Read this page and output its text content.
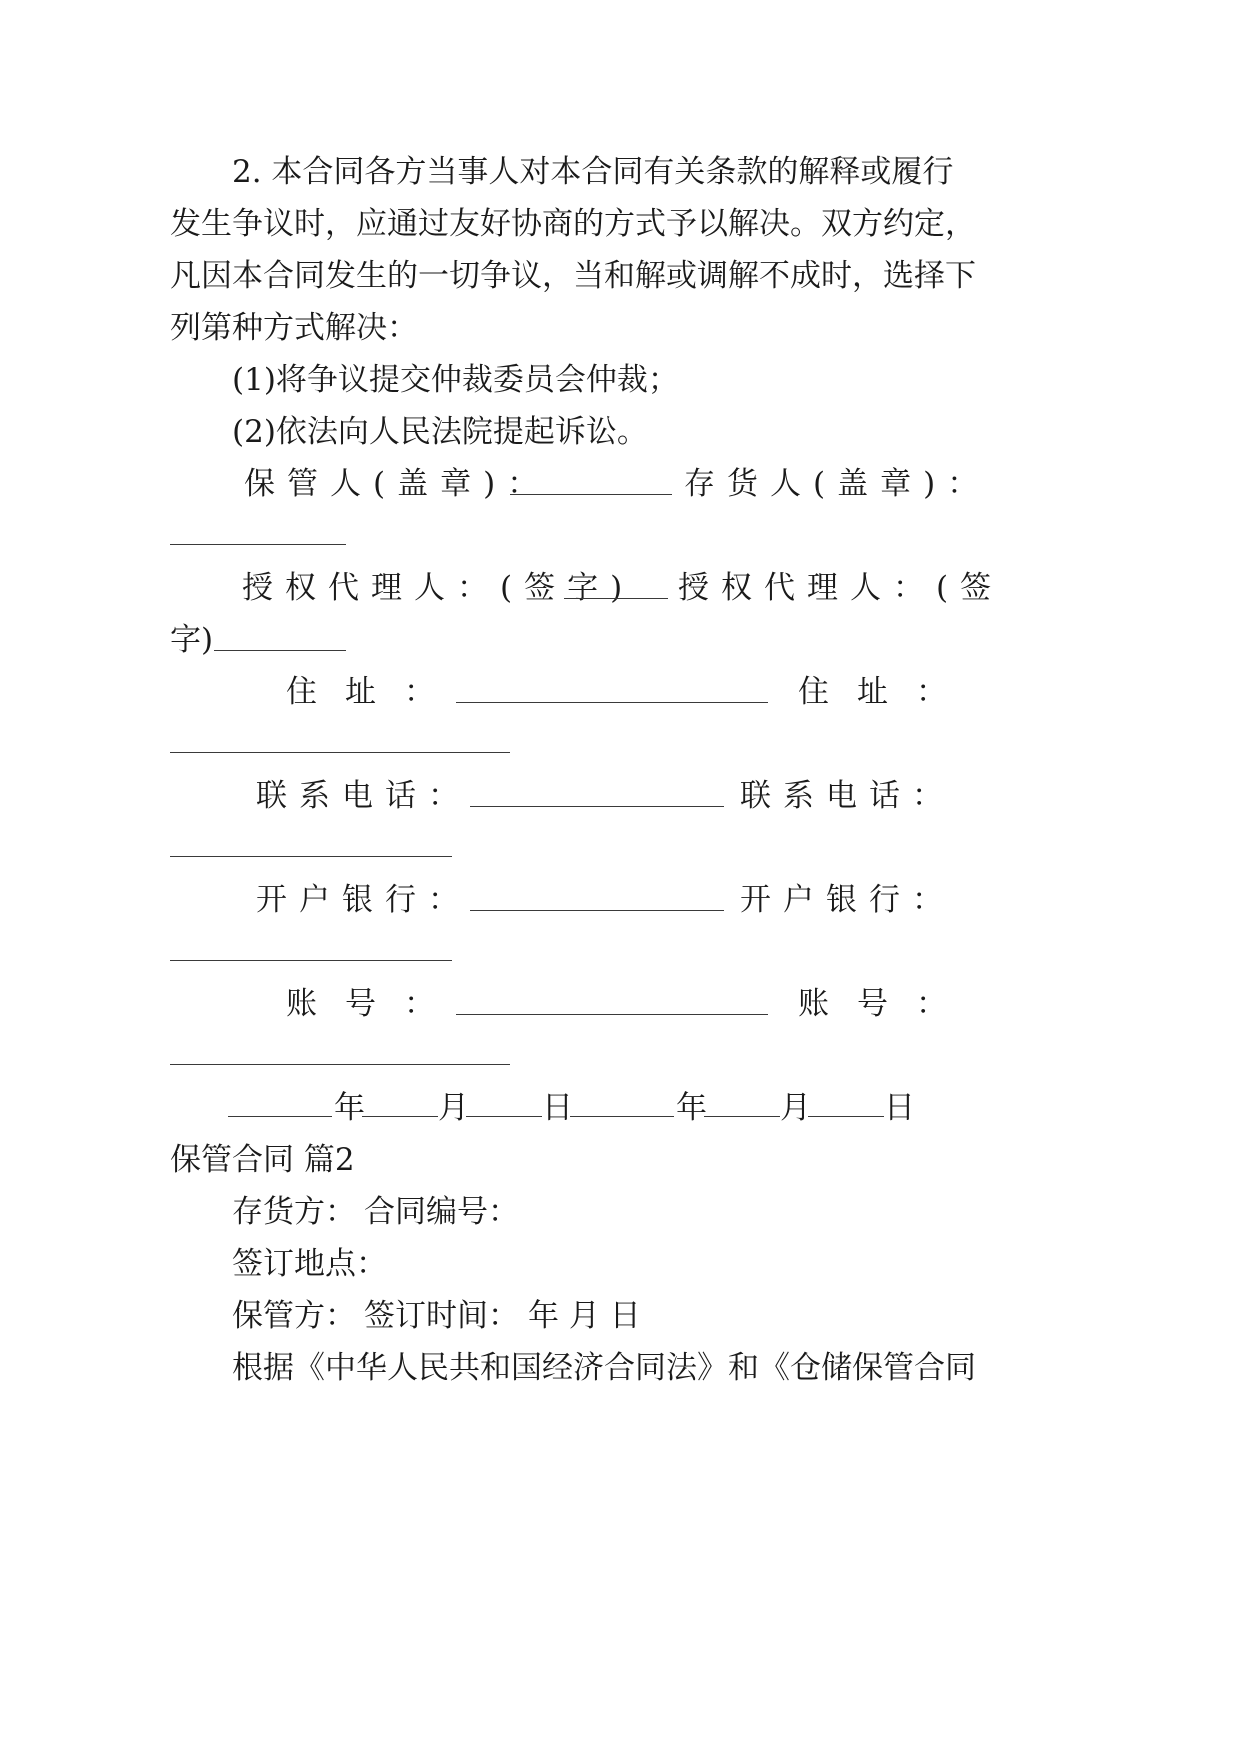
2. 本合同各方当事人对本合同有关条款的解释或履行

发生争议时，应通过友好协商的方式予以解决。双方约定，

凡因本合同发生的一切争议，当和解或调解不成时，选择下

列第种方式解决：

(1)将争议提交仲裁委员会仲裁；

(2)依法向人民法院提起诉讼。

保管人(盖章)：	存货人(盖章)：

授权代理人：(签字) 授权代理人：(签

字)

住址：	住址：

联系电话：	联系电话：

开户银行：	开户银行：

账号：	账号：

年 月 日	年 月 日

保管合同 篇2

存货方： 合同编号：

签订地点：

保管方： 签订时间： 年 月 日

根据《中华人民共和国经济合同法》和《仓储保管合同
